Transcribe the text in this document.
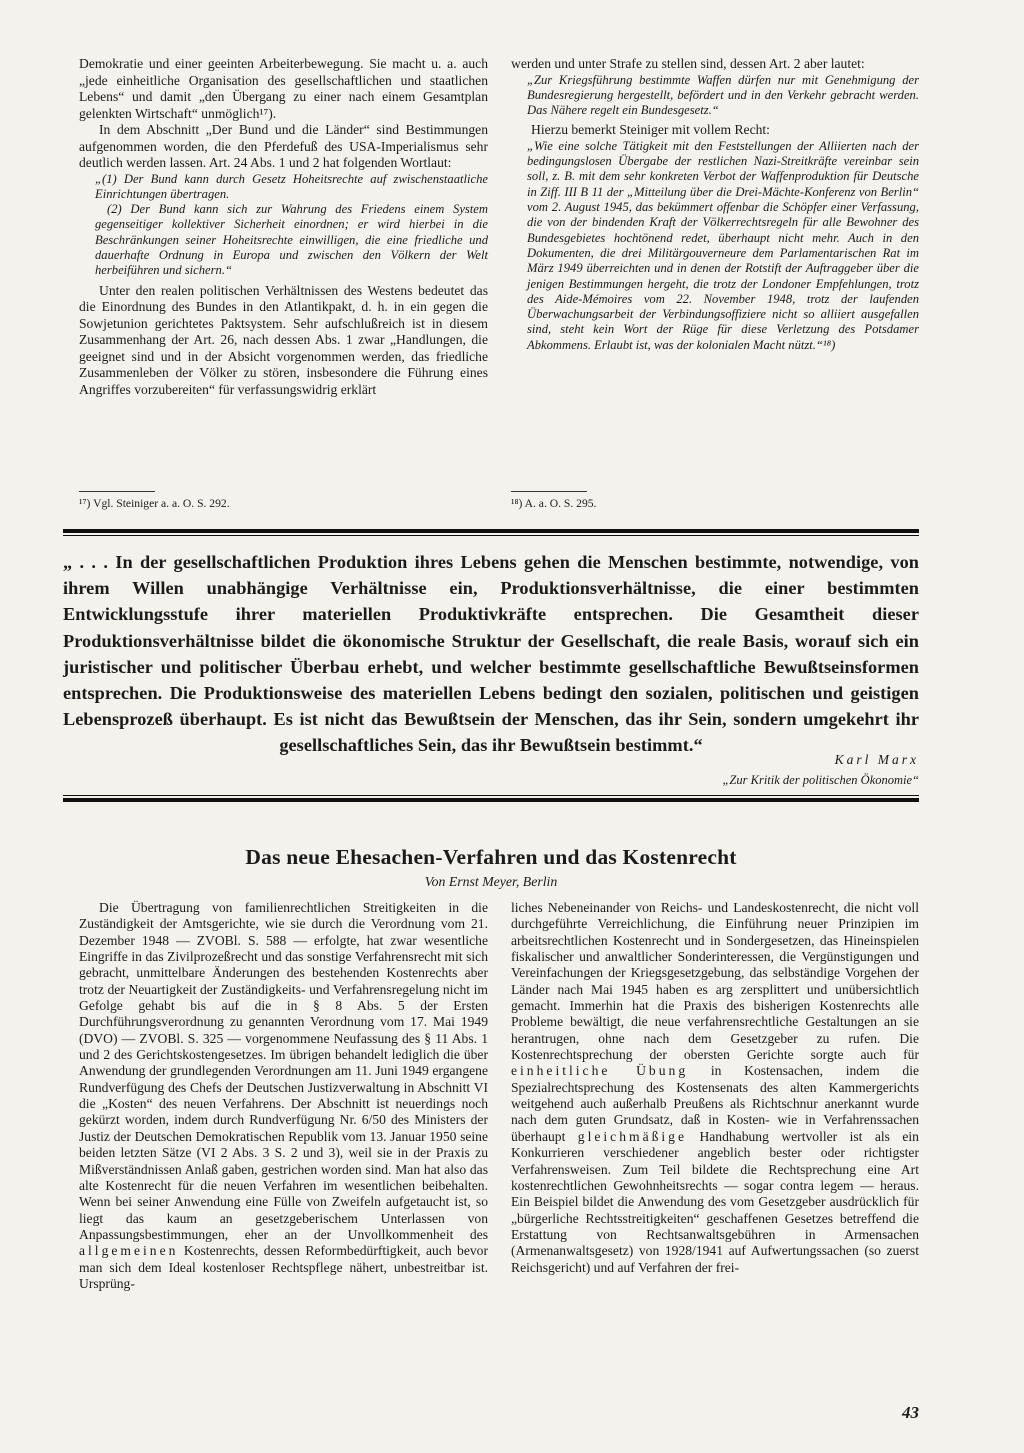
Demokratie und einer geeinten Arbeiterbewegung. Sie macht u. a. auch „jede einheitliche Organisation des gesellschaftlichen und staatlichen Lebens“ und damit „den Übergang zu einer nach einem Gesamtplan gelenkten Wirtschaft“ unmöglich¹⁷).

In dem Abschnitt „Der Bund und die Länder“ sind Bestimmungen aufgenommen worden, die den Pferdefuß des USA-Imperialismus sehr deutlich werden lassen. Art. 24 Abs. 1 und 2 hat folgenden Wortlaut:

„(1) Der Bund kann durch Gesetz Hoheitsrechte auf zwischenstaatliche Einrichtungen übertragen.

(2) Der Bund kann sich zur Wahrung des Friedens einem System gegenseitiger kollektiver Sicherheit einordnen; er wird hierbei in die Beschränkungen seiner Hoheitsrechte einwilligen, die eine friedliche und dauerhafte Ordnung in Europa und zwischen den Völkern der Welt herbeiführen und sichern.“

Unter den realen politischen Verhältnissen des Westens bedeutet das die Einordnung des Bundes in den Atlantikpakt, d. h. in ein gegen die Sowjetunion gerichtetes Paktsystem. Sehr aufschlußreich ist in diesem Zusammenhang der Art. 26, nach dessen Abs. 1 zwar „Handlungen, die geeignet sind und in der Absicht vorgenommen werden, das friedliche Zusammenleben der Völker zu stören, insbesondere die Führung eines Angriffes vorzubereiten“ für verfassungswidrig erklärt

¹⁷) Vgl. Steiniger a. a. O. S. 292.

werden und unter Strafe zu stellen sind, dessen Art. 2 aber lautet:

„Zur Kriegsführung bestimmte Waffen dürfen nur mit Genehmigung der Bundesregierung hergestellt, befördert und in den Verkehr gebracht werden. Das Nähere regelt ein Bundesgesetz.“

Hierzu bemerkt Steiniger mit vollem Recht:

„Wie eine solche Tätigkeit mit den Feststellungen der Alliierten nach der bedingungslosen Übergabe der restlichen Nazi-Streitkräfte vereinbar sein soll, z. B. mit dem sehr konkreten Verbot der Waffenproduktion für Deutsche in Ziff. III B 11 der „Mitteilung über die Drei-Mächte-Konferenz von Berlin“ vom 2. August 1945, das bekümmert offenbar die Schöpfer einer Verfassung, die von der bindenden Kraft der Völkerrechtsregeln für alle Bewohner des Bundesgebietes hochtönend redet, überhaupt nicht mehr. Auch in den Dokumenten, die drei Militärgouverneure dem Parlamentarischen Rat im März 1949 überreichten und in denen der Rotstift der Auftraggeber über die jenigen Bestimmungen hergeht, die trotz der Londoner Empfehlungen, trotz des Aide-Mémoires vom 22. November 1948, trotz der laufenden Überwachungsarbeit der Verbindungsoffiziere nicht so alliiert ausgefallen sind, steht kein Wort der Rüge für diese Verletzung des Potsdamer Abkommens. Erlaubt ist, was der kolonialen Macht nützt.“¹⁸)

¹⁸) A. a. O. S. 295.
„ . . . In der gesellschaftlichen Produktion ihres Lebens gehen die Menschen bestimmte, notwendige, von ihrem Willen unabhängige Verhältnisse ein, Produktionsverhältnisse, die einer bestimmten Entwicklungsstufe ihrer materiellen Produktivkräfte entsprechen. Die Gesamtheit dieser Produktionsverhältnisse bildet die ökonomische Struktur der Gesellschaft, die reale Basis, worauf sich ein juristischer und politischer Überbau erhebt, und welcher bestimmte gesellschaftliche Bewußtseinsformen entsprechen. Die Produktionsweise des materiellen Lebens bedingt den sozialen, politischen und geistigen Lebensprozeß überhaupt. Es ist nicht das Bewußtsein der Menschen, das ihr Sein, sondern umgekehrt ihr gesellschaftliches Sein, das ihr Bewußtsein bestimmt.“
Karl Marx
„Zur Kritik der politischen Ökonomie“
Das neue Ehesachen-Verfahren und das Kostenrecht
Von Ernst Meyer, Berlin

Die Übertragung von familienrechtlichen Streitigkeiten in die Zuständigkeit der Amtsgerichte, wie sie durch die Verordnung vom 21. Dezember 1948 — ZVOBl. S. 588 — erfolgte, hat zwar wesentliche Eingriffe in das Zivilprozeßrecht und das sonstige Verfahrensrecht mit sich gebracht, unmittelbare Änderungen des bestehenden Kostenrechts aber trotz der Neuartigkeit der Zuständigkeits- und Verfahrensregelung nicht im Gefolge gehabt bis auf die in § 8 Abs. 5 der Ersten Durchführungsverordnung zu genannten Verordnung vom 17. Mai 1949 (DVO) — ZVOBl. S. 325 — vorgenommene Neufassung des § 11 Abs. 1 und 2 des Gerichtskostengesetzes. Im übrigen behandelt lediglich die über Anwendung der grundlegenden Verordnungen am 11. Juni 1949 ergangene Rundverfügung des Chefs der Deutschen Justizverwaltung in Abschnitt VI die „Kosten“ des neuen Verfahrens. Der Abschnitt ist neuerdings noch gekürzt worden, indem durch Rundverfügung Nr. 6/50 des Ministers der Justiz der Deutschen Demokratischen Republik vom 13. Januar 1950 seine beiden letzten Sätze (VI 2 Abs. 3 S. 2 und 3), weil sie in der Praxis zu Mißverständnissen Anlaß gaben, gestrichen worden sind. Man hat also das alte Kostenrecht für die neuen Verfahren im wesentlichen beibehalten. Wenn bei seiner Anwendung eine Fülle von Zweifeln aufgetaucht ist, so liegt das kaum an gesetzgeberischem Unterlassen von Anpassungsbestimmungen, eher an der Unvollkommenheit des allgemeinen Kostenrechts, dessen Reformbedürftigkeit, auch bevor man sich dem Ideal kostenloser Rechtspflege nähert, unbestreitbar ist. Ursprüng-

liches Nebeneinander von Reichs- und Landeskostenrecht, die nicht voll durchgeführte Verreichlichung, die Einführung neuer Prinzipien im arbeitsrechtlichen Kostenrecht und in Sondergesetzen, das Hineinspielen fiskalischer und anwaltlicher Sonderinteressen, die Vergünstigungen und Vereinfachungen der Kriegsgesetzgebung, das selbständige Vorgehen der Länder nach Mai 1945 haben es arg zersplittert und unübersichtlich gemacht. Immerhin hat die Praxis des bisherigen Kostenrechts alle Probleme bewältigt, die neue verfahrensrechtliche Gestaltungen an sie herantrugen, ohne nach dem Gesetzgeber zu rufen. Die Kostenrechtsprechung der obersten Gerichte sorgte auch für einheitliche Übung in Kostensachen, indem die Spezialrechtsprechung des Kostensenats des alten Kammergerichts weitgehend auch außerhalb Preußens als Richtschnur anerkannt wurde nach dem guten Grundsatz, daß in Kosten- wie in Verfahrenssachen überhaupt gleichmäßige Handhabung wertvoller ist als ein Konkurrieren verschiedener angeblich bester oder richtigster Verfahrensweisen. Zum Teil bildete die Rechtsprechung eine Art kostenrechtlichen Gewohnheitsrechts — sogar contra legem — heraus. Ein Beispiel bildet die Anwendung des vom Gesetzgeber ausdrücklich für „bürgerliche Rechtsstreitigkeiten“ geschaffenen Gesetzes betreffend die Erstattung von Rechtsanwaltsgebühren in Armensachen (Armenanwaltsgesetz) von 1928/1941 auf Aufwertungssachen (so zuerst Reichsgericht) und auf Verfahren der frei-

43
